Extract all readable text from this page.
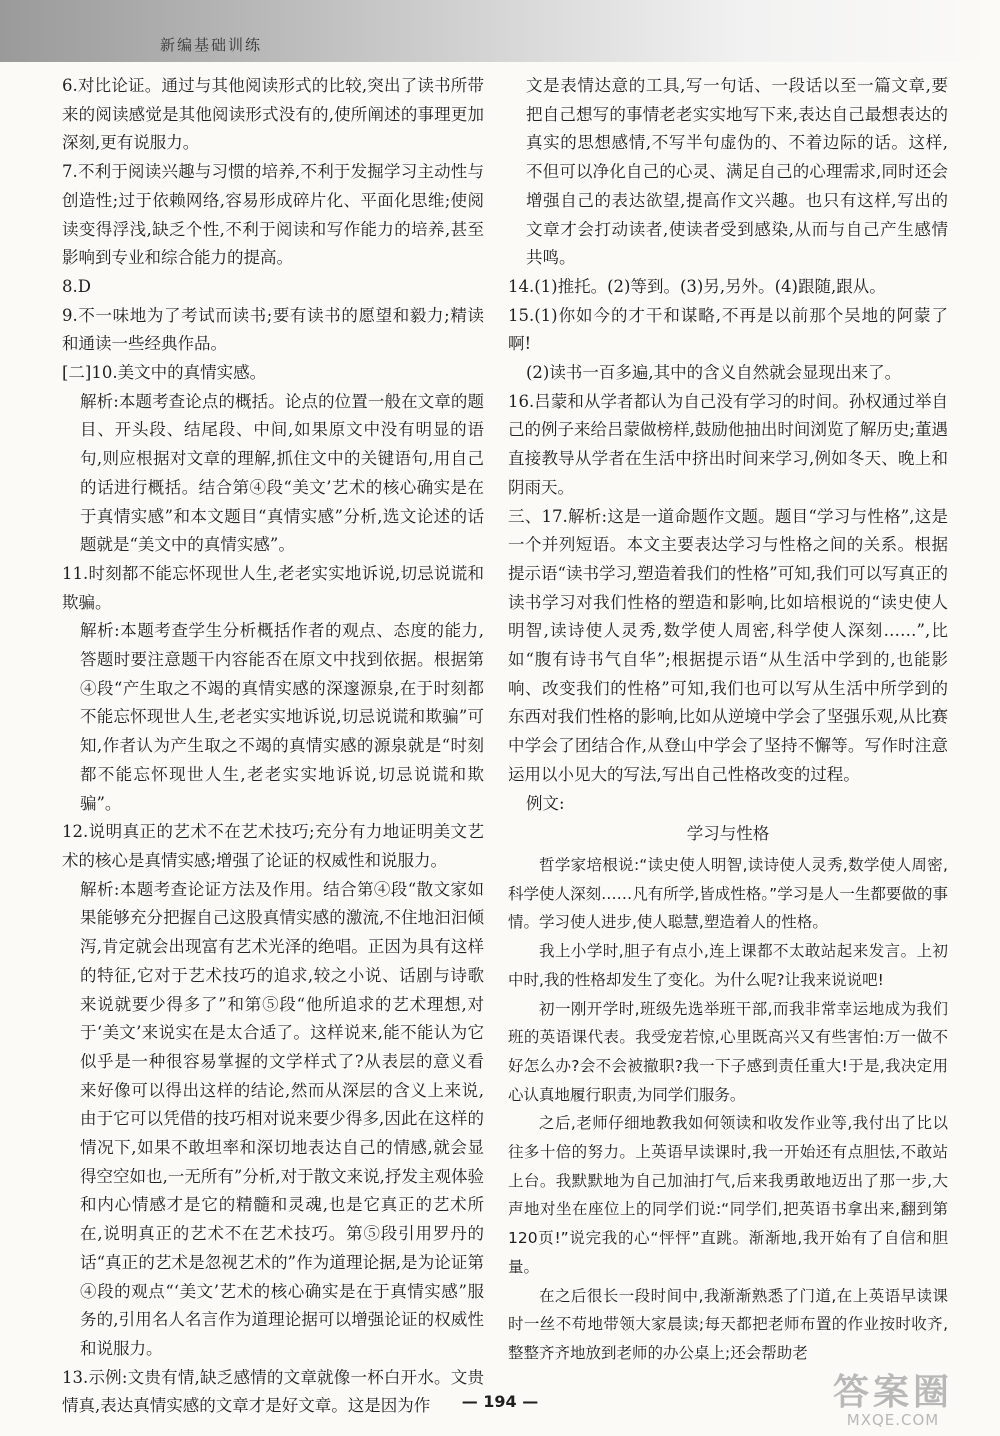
新编基础训练

6.对比论证。通过与其他阅读形式的比较,突出了读书所带来的阅读感觉是其他阅读形式没有的,使所阐述的事理更加深刻,更有说服力。

7.不利于阅读兴趣与习惯的培养,不利于发掘学习主动性与创造性;过于依赖网络,容易形成碎片化、平面化思维;使阅读变得浮浅,缺乏个性,不利于阅读和写作能力的培养,甚至影响到专业和综合能力的提高。

8.D

9.不一味地为了考试而读书;要有读书的愿望和毅力;精读和通读一些经典作品。

[二]10.美文中的真情实感。

解析:本题考查论点的概括。论点的位置一般在文章的题目、开头段、结尾段、中间,如果原文中没有明显的语句,则应根据对文章的理解,抓住文中的关键语句,用自己的话进行概括。结合第④段“美文’艺术的核心确实是在于真情实感”和本文题目“真情实感”分析,选文论述的话题就是“美文中的真情实感”。

11.时刻都不能忘怀现世人生,老老实实地诉说,切忌说谎和欺骗。

解析:本题考查学生分析概括作者的观点、态度的能力,答题时要注意题干内容能否在原文中找到依据。根据第④段“产生取之不竭的真情实感的深邃源泉,在于时刻都不能忘怀现世人生,老老实实地诉说,切忌说谎和欺骗”可知,作者认为产生取之不竭的真情实感的源泉就是“时刻都不能忘怀现世人生,老老实实地诉说,切忌说谎和欺骗”。

12.说明真正的艺术不在艺术技巧;充分有力地证明美文艺术的核心是真情实感;增强了论证的权威性和说服力。

解析:本题考查论证方法及作用。结合第④段“散文家如果能够充分把握自己这股真情实感的激流,不住地汩汩倾泻,肯定就会出现富有艺术光泽的绝唱。正因为具有这样的特征,它对于艺术技巧的追求,较之小说、话剧与诗歌来说就要少得多了”和第⑤段“他所追求的艺术理想,对于‘美文’来说实在是太合适了。这样说来,能不能认为它似乎是一种很容易掌握的文学样式了?从表层的意义看来好像可以得出这样的结论,然而从深层的含义上来说,由于它可以凭借的技巧相对说来要少得多,因此在这样的情况下,如果不敢坦率和深切地表达自己的情感,就会显得空空如也,一无所有”分析,对于散文来说,抒发主观体验和内心情感才是它的精髓和灵魂,也是它真正的艺术所在,说明真正的艺术不在艺术技巧。第⑤段引用罗丹的话“真正的艺术是忽视艺术的”作为道理论据,是为论证第④段的观点“‘美文’艺术的核心确实是在于真情实感”服务的,引用名人名言作为道理论据可以增强论证的权威性和说服力。

13.示例:文贵有情,缺乏感情的文章就像一杯白开水。文贵情真,表达真情实感的文章才是好文章。这是因为作

文是表情达意的工具,写一句话、一段话以至一篇文章,要把自己想写的事情老老实实地写下来,表达自己最想表达的真实的思想感情,不写半句虚伪的、不着边际的话。这样,不但可以净化自己的心灵、满足自己的心理需求,同时还会增强自己的表达欲望,提高作文兴趣。也只有这样,写出的文章才会打动读者,使读者受到感染,从而与自己产生感情共鸣。

14.(1)推托。(2)等到。(3)另,另外。(4)跟随,跟从。

15.(1)你如今的才干和谋略,不再是以前那个吴地的阿蒙了啊!

(2)读书一百多遍,其中的含义自然就会显现出来了。

16.吕蒙和从学者都认为自己没有学习的时间。孙权通过举自己的例子来给吕蒙做榜样,鼓励他抽出时间浏览了解历史;董遇直接教导从学者在生活中挤出时间来学习,例如冬天、晚上和阴雨天。

三、17.解析:这是一道命题作文题。题目“学习与性格”,这是一个并列短语。本文主要表达学习与性格之间的关系。根据提示语“读书学习,塑造着我们的性格”可知,我们可以写真正的读书学习对我们性格的塑造和影响,比如培根说的“读史使人明智,读诗使人灵秀,数学使人周密,科学使人深刻……”,比如“腹有诗书气自华”;根据提示语“从生活中学到的,也能影响、改变我们的性格”可知,我们也可以写从生活中所学到的东西对我们性格的影响,比如从逆境中学会了坚强乐观,从比赛中学会了团结合作,从登山中学会了坚持不懈等。写作时注意运用以小见大的写法,写出自己性格改变的过程。

例文:

学习与性格

哲学家培根说:“读史使人明智,读诗使人灵秀,数学使人周密,科学使人深刻……凡有所学,皆成性格。”学习是人一生都要做的事情。学习使人进步,使人聪慧,塑造着人的性格。

我上小学时,胆子有点小,连上课都不太敢站起来发言。上初中时,我的性格却发生了变化。为什么呢?让我来说说吧!

初一刚开学时,班级先选举班干部,而我非常幸运地成为我们班的英语课代表。我受宠若惊,心里既高兴又有些害怕:万一做不好怎么办?会不会被撤职?我一下子感到责任重大!于是,我决定用心认真地履行职责,为同学们服务。

之后,老师仔细地教我如何领读和收发作业等,我付出了比以往多十倍的努力。上英语早读课时,我一开始还有点胆怯,不敢站上台。我默默地为自己加油打气,后来我勇敢地迈出了那一步,大声地对坐在座位上的同学们说:“同学们,把英语书拿出来,翻到第120页!”说完我的心“怦怦”直跳。渐渐地,我开始有了自信和胆量。

在之后很长一段时间中,我渐渐熟悉了门道,在上英语早读课时一丝不苟地带领大家晨读;每天都把老师布置的作业按时收齐,整整齐齐地放到老师的办公桌上;还会帮助老

— 194 —	答案圈
MXQE.COM
